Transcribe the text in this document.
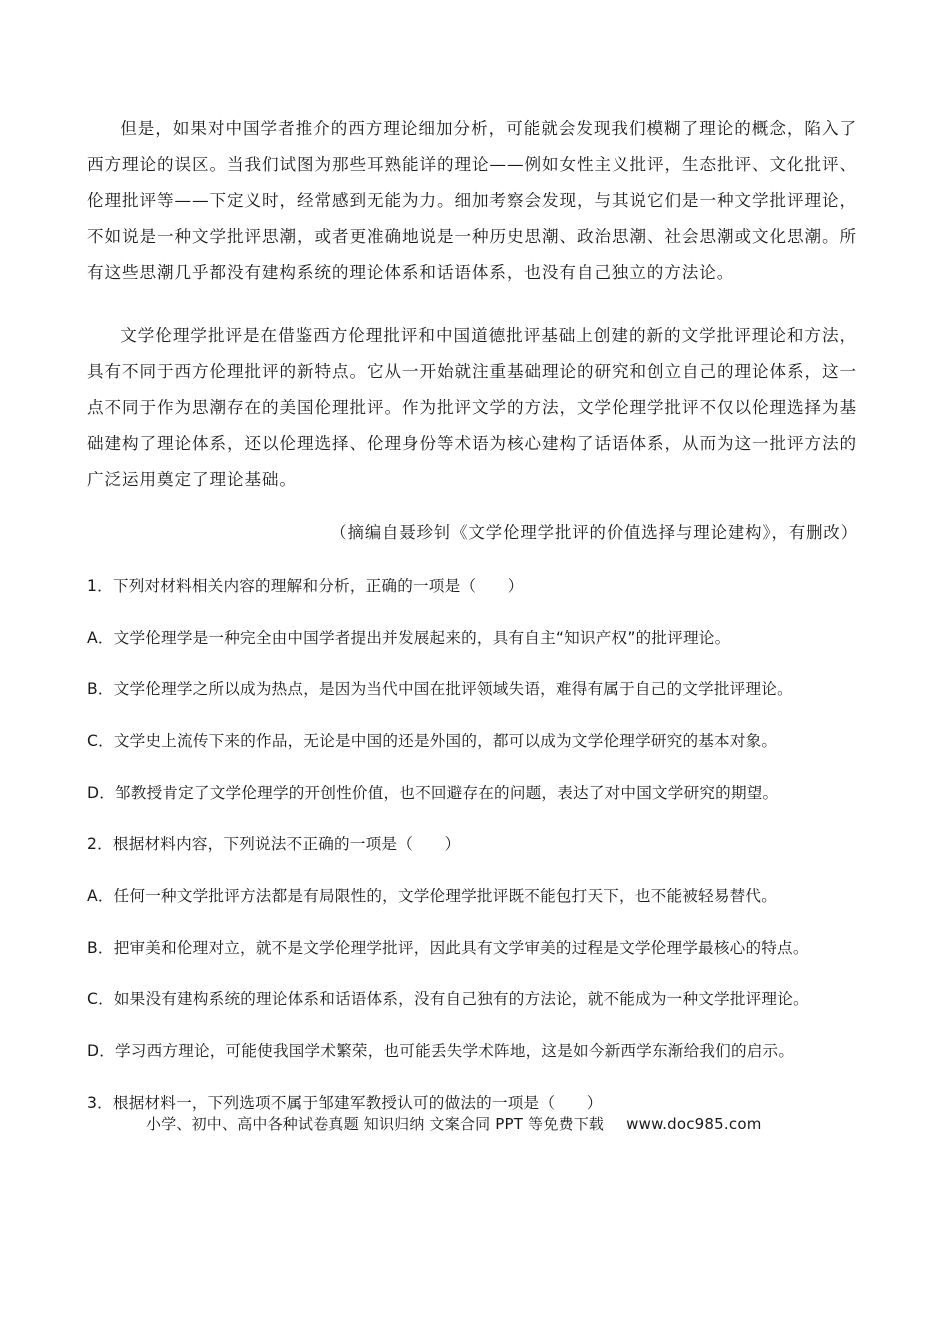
但是，如果对中国学者推介的西方理论细加分析，可能就会发现我们模糊了理论的概念，陷入了西方理论的误区。当我们试图为那些耳熟能详的理论——例如女性主义批评，生态批评、文化批评、伦理批评等——下定义时，经常感到无能为力。细加考察会发现，与其说它们是一种文学批评理论，不如说是一种文学批评思潮，或者更准确地说是一种历史思潮、政治思潮、社会思潮或文化思潮。所有这些思潮几乎都没有建构系统的理论体系和话语体系，也没有自己独立的方法论。

文学伦理学批评是在借鉴西方伦理批评和中国道德批评基础上创建的新的文学批评理论和方法，具有不同于西方伦理批评的新特点。它从一开始就注重基础理论的研究和创立自己的理论体系，这一点不同于作为思潮存在的美国伦理批评。作为批评文学的方法，文学伦理学批评不仅以伦理选择为基础建构了理论体系，还以伦理选择、伦理身份等术语为核心建构了话语体系，从而为这一批评方法的广泛运用奠定了理论基础。

（摘编自聂珍钊《文学伦理学批评的价值选择与理论建构》，有删改）
1．下列对材料相关内容的理解和分析，正确的一项是（　　）
A．文学伦理学是一种完全由中国学者提出并发展起来的，具有自主“知识产权”的批评理论。
B．文学伦理学之所以成为热点，是因为当代中国在批评领域失语，难得有属于自己的文学批评理论。
C．文学史上流传下来的作品，无论是中国的还是外国的，都可以成为文学伦理学研究的基本对象。
D．邹教授肯定了文学伦理学的开创性价值，也不回避存在的问题，表达了对中国文学研究的期望。
2．根据材料内容，下列说法不正确的一项是（　　）
A．任何一种文学批评方法都是有局限性的，文学伦理学批评既不能包打天下，也不能被轻易替代。
B．把审美和伦理对立，就不是文学伦理学批评，因此具有文学审美的过程是文学伦理学最核心的特点。
C．如果没有建构系统的理论体系和话语体系，没有自己独有的方法论，就不能成为一种文学批评理论。
D．学习西方理论，可能使我国学术繁荣，也可能丢失学术阵地，这是如今新西学东渐给我们的启示。
3．根据材料一，下列选项不属于邹建军教授认可的做法的一项是（　　）
小学、初中、高中各种试卷真题 知识归纳 文案合同 PPT 等免费下载 www.doc985.com
